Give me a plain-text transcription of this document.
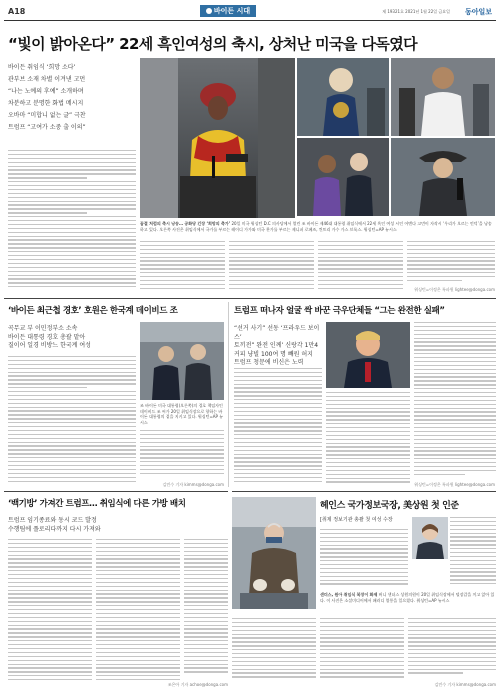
A18	바이든 시대	제 19321호 2021년 1월 22일 금요일 동아일보
“빛이 밝아온다” 22세 흑인여성의 축시, 상처난 미국을 다독였다

바이든 취임식 ‘희망 소다’

관부브 소재 차별 이겨낸 고먼

“나는 노예의 후예” 소개하며

차분하고 분명한 화법 메시지

오바마 “미합니 없는 글” 극찬

트럼프 “고여가 소중 출 이의”

꿈결 처럼의 축시 낭송… 공화당 긴장 ‘희망의 축가’ 20일 미국 워싱턴 D.C 의사당에서 열린 조 바이든 제46대 대통령 취임식에서 22세 흑인 여성 시인 어맨다 고먼이 자작시 ‘우리가 오르는 언덕’을 낭송하고 있다. 오른쪽 사진은 취임식에서 국가를 부르는 레이디 가가와 미국 찬가를 부르는 제니퍼 로페즈, 컨트리 가수 가스 브룩스. 워싱턴=AP 뉴시스
워싱턴=이정은 특파원 lightee@donga.com
‘바이든 최근첩 경호’ 호원은 한국계 데이비드 조
곡무교 부 이민정부소 소속
바이든 대통령 경호 총괄 맡아
질이어 일경 비방느 한국계 여성
조 바이든 미국 대통령(오른쪽)의 경호 책임자인 데이비드 조 씨가 20일 취임식장으로 향하는 바이든 대통령의 곁을 지키고 있다. 워싱턴=AP 뉴시스
김민수 기자 kimms@donga.com
트럼프 떠나자 얼굴 싹 바꾼 극우단체들 “그는 완전한 실패”
“선거 사기” 선동 ‘프라우드 보이스’
토끼전” 완전 인께’ 신랑각 1만4
커피 냥빌 100여 명 빼원 허지
트럼프 청문에 비신은 노력
워싱턴=이정은 특파원 lightee@donga.com
‘백기방’ 가져간 트럼프… 취임식에 다른 가방 배치
트럼프 임기종료와 동시 코드 발정
수행팀에 플로리다까지 다시 가져와
조은아 기자 achoe@donga.com
샌더스, 원아 취임식 복장이 화제 버니 샌더스 상원의원이 20일 취임식장에서 털장갑을 끼고 앉아 있다. 이 사진은 소셜미디어에서 패러디 열풍을 일으켰다. 워싱턴=AP 뉴시스
헤인스 국가정보국장, 美상원 첫 인준
[취제 정보기관 총괄 첫 여성 수장
김민수 기자 kimms@donga.com
